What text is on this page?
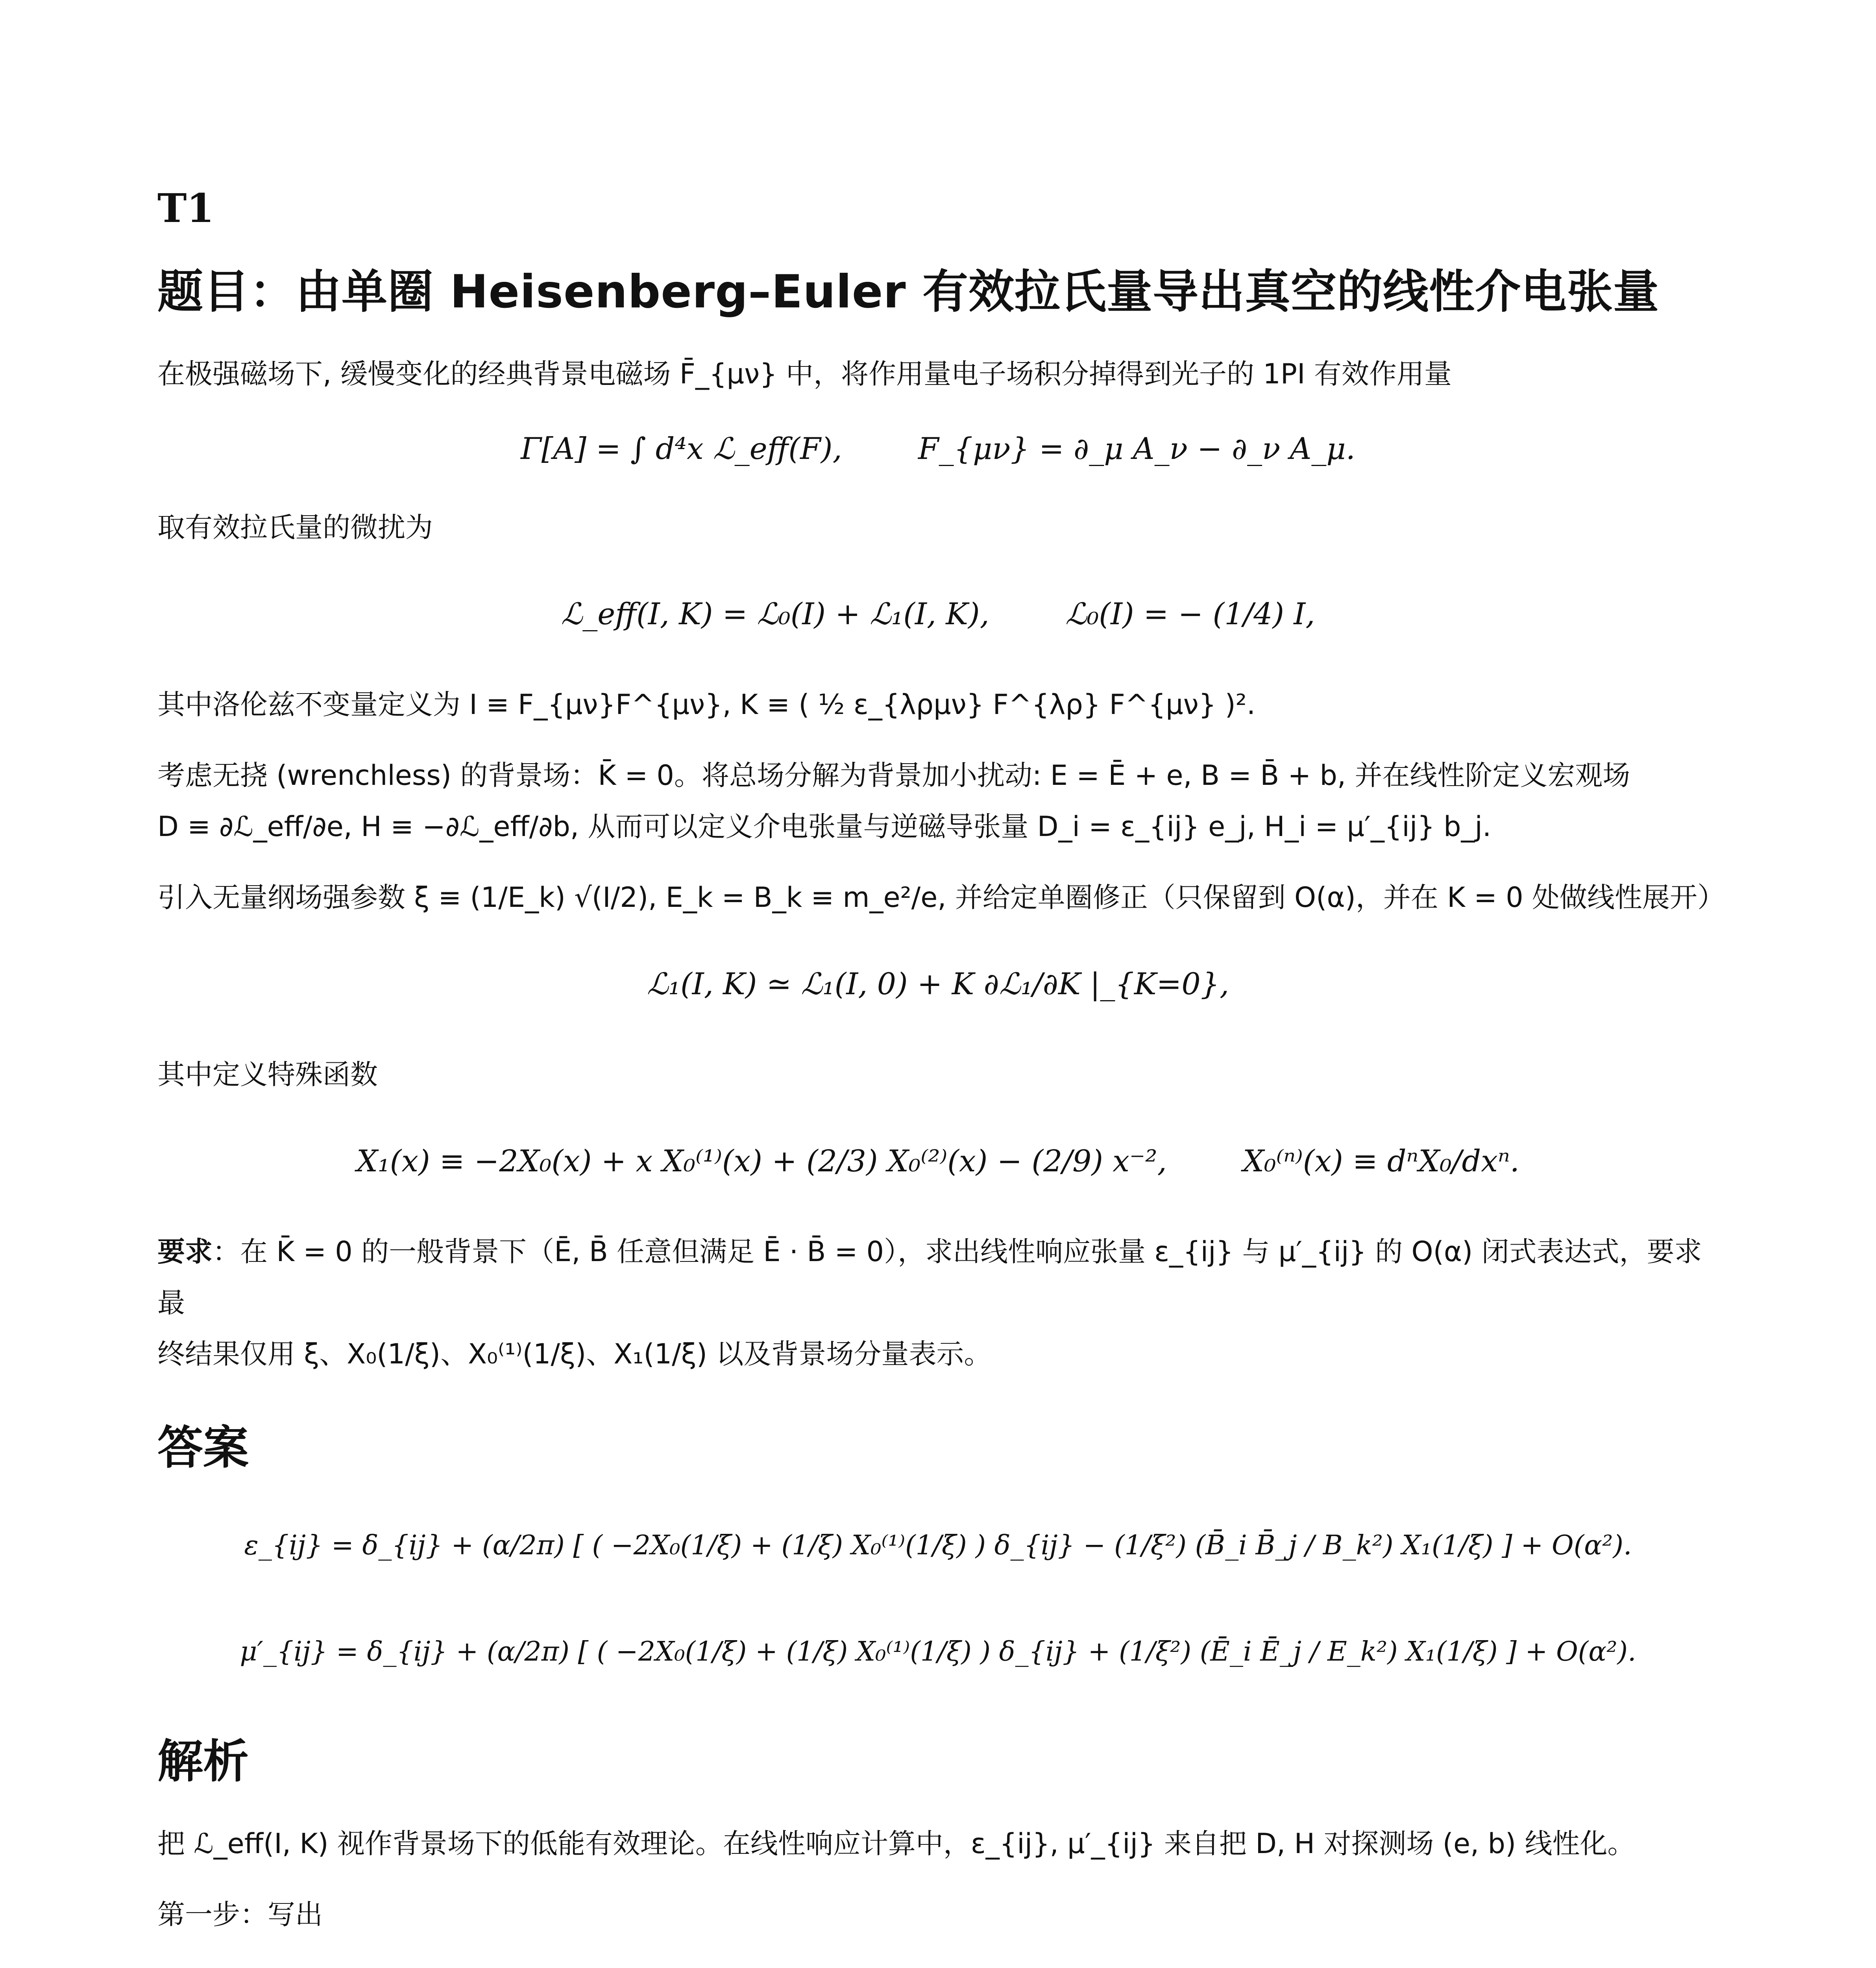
T1
题目：由单圈 Heisenberg–Euler 有效拉氏量导出真空的线性介电张量
在极强磁场下, 缓慢变化的经典背景电磁场 F̄_{μν} 中，将作用量电子场积分掉得到光子的 1PI 有效作用量
Γ[A] = ∫ d⁴x ℒ_eff(F),        F_{μν} = ∂_μ A_ν − ∂_ν A_μ.
取有效拉氏量的微扰为
ℒ_eff(I, K) = ℒ₀(I) + ℒ₁(I, K),        ℒ₀(I) = − (1/4) I,
其中洛伦兹不变量定义为 I ≡ F_{μν}F^{μν}, K ≡ ( ½ ε_{λρμν} F^{λρ} F^{μν} )².
考虑无挠 (wrenchless) 的背景场：K̄ = 0。将总场分解为背景加小扰动: E = Ē + e, B = B̄ + b, 并在线性阶定义宏观场
D ≡ ∂ℒ_eff/∂e, H ≡ −∂ℒ_eff/∂b, 从而可以定义介电张量与逆磁导张量 D_i = ε_{ij} e_j, H_i = μ′_{ij} b_j.
引入无量纲场强参数 ξ ≡ (1/E_k) √(I/2), E_k = B_k ≡ m_e²/e, 并给定单圈修正（只保留到 O(α)，并在 K = 0 处做线性展开）
ℒ₁(I, K) ≃ ℒ₁(I, 0) + K ∂ℒ₁/∂K |_{K=0},
其中定义特殊函数
X₁(x) ≡ −2X₀(x) + x X₀⁽¹⁾(x) + (2/3) X₀⁽²⁾(x) − (2/9) x⁻²,        X₀⁽ⁿ⁾(x) ≡ dⁿX₀/dxⁿ.
要求：在 K̄ = 0 的一般背景下（Ē, B̄ 任意但满足 Ē · B̄ = 0），求出线性响应张量 ε_{ij} 与 μ′_{ij} 的 O(α) 闭式表达式，要求最
终结果仅用 ξ、X₀(1/ξ)、X₀⁽¹⁾(1/ξ)、X₁(1/ξ) 以及背景场分量表示。
答案
ε_{ij} = δ_{ij} + (α/2π) [ ( −2X₀(1/ξ) + (1/ξ) X₀⁽¹⁾(1/ξ) ) δ_{ij} − (1/ξ²) (B̄_i B̄_j / B_k²) X₁(1/ξ) ] + O(α²).
μ′_{ij} = δ_{ij} + (α/2π) [ ( −2X₀(1/ξ) + (1/ξ) X₀⁽¹⁾(1/ξ) ) δ_{ij} + (1/ξ²) (Ē_i Ē_j / E_k²) X₁(1/ξ) ] + O(α²).
解析
把 ℒ_eff(I, K) 视作背景场下的低能有效理论。在线性响应计算中，ε_{ij}, μ′_{ij} 来自把 D, H 对探测场 (e, b) 线性化。
第一步：写出
